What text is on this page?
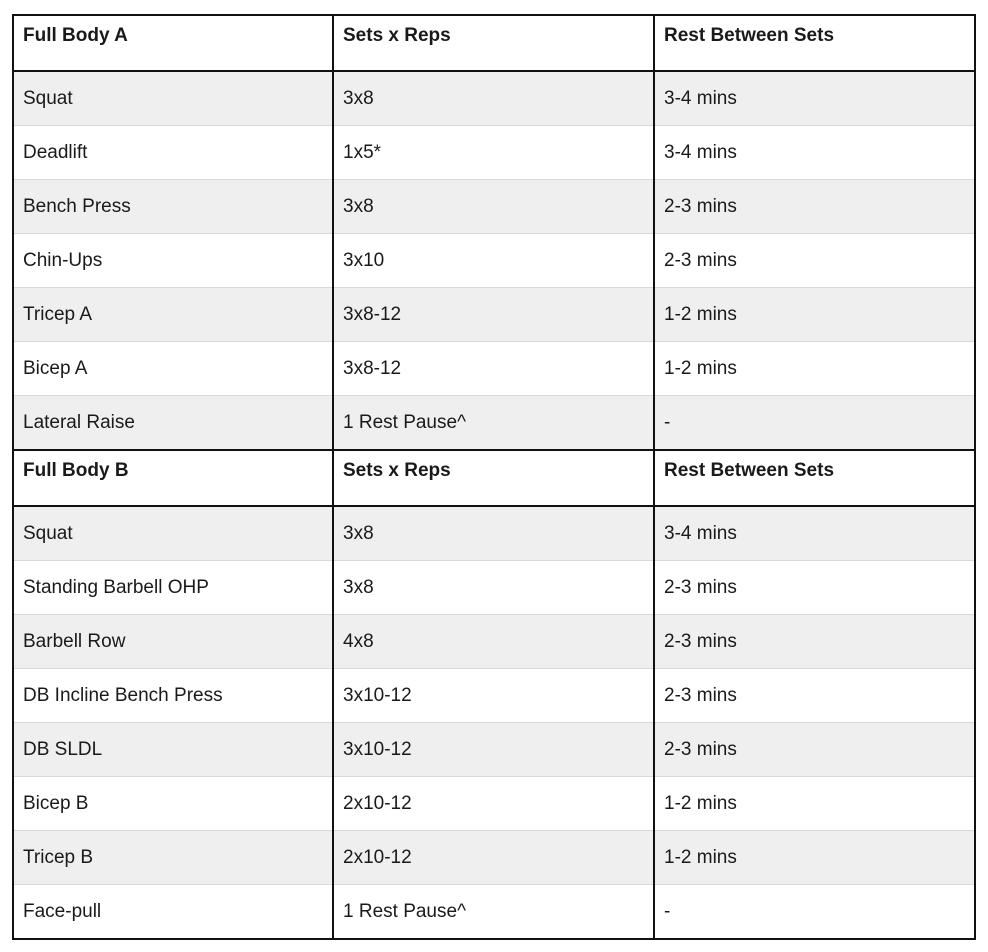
Full Body A	Sets x Reps	Rest Between Sets
Squat	3x8	3-4 mins
Deadlift	1x5*	3-4 mins
Bench Press	3x8	2-3 mins
Chin-Ups	3x10	2-3 mins
Tricep A	3x8-12	1-2 mins
Bicep A	3x8-12	1-2 mins
Lateral Raise	1 Rest Pause^	-
Full Body B	Sets x Reps	Rest Between Sets
Squat	3x8	3-4 mins
Standing Barbell OHP	3x8	2-3 mins
Barbell Row	4x8	2-3 mins
DB Incline Bench Press	3x10-12	2-3 mins
DB SLDL	3x10-12	2-3 mins
Bicep B	2x10-12	1-2 mins
Tricep B	2x10-12	1-2 mins
Face-pull	1 Rest Pause^	-
